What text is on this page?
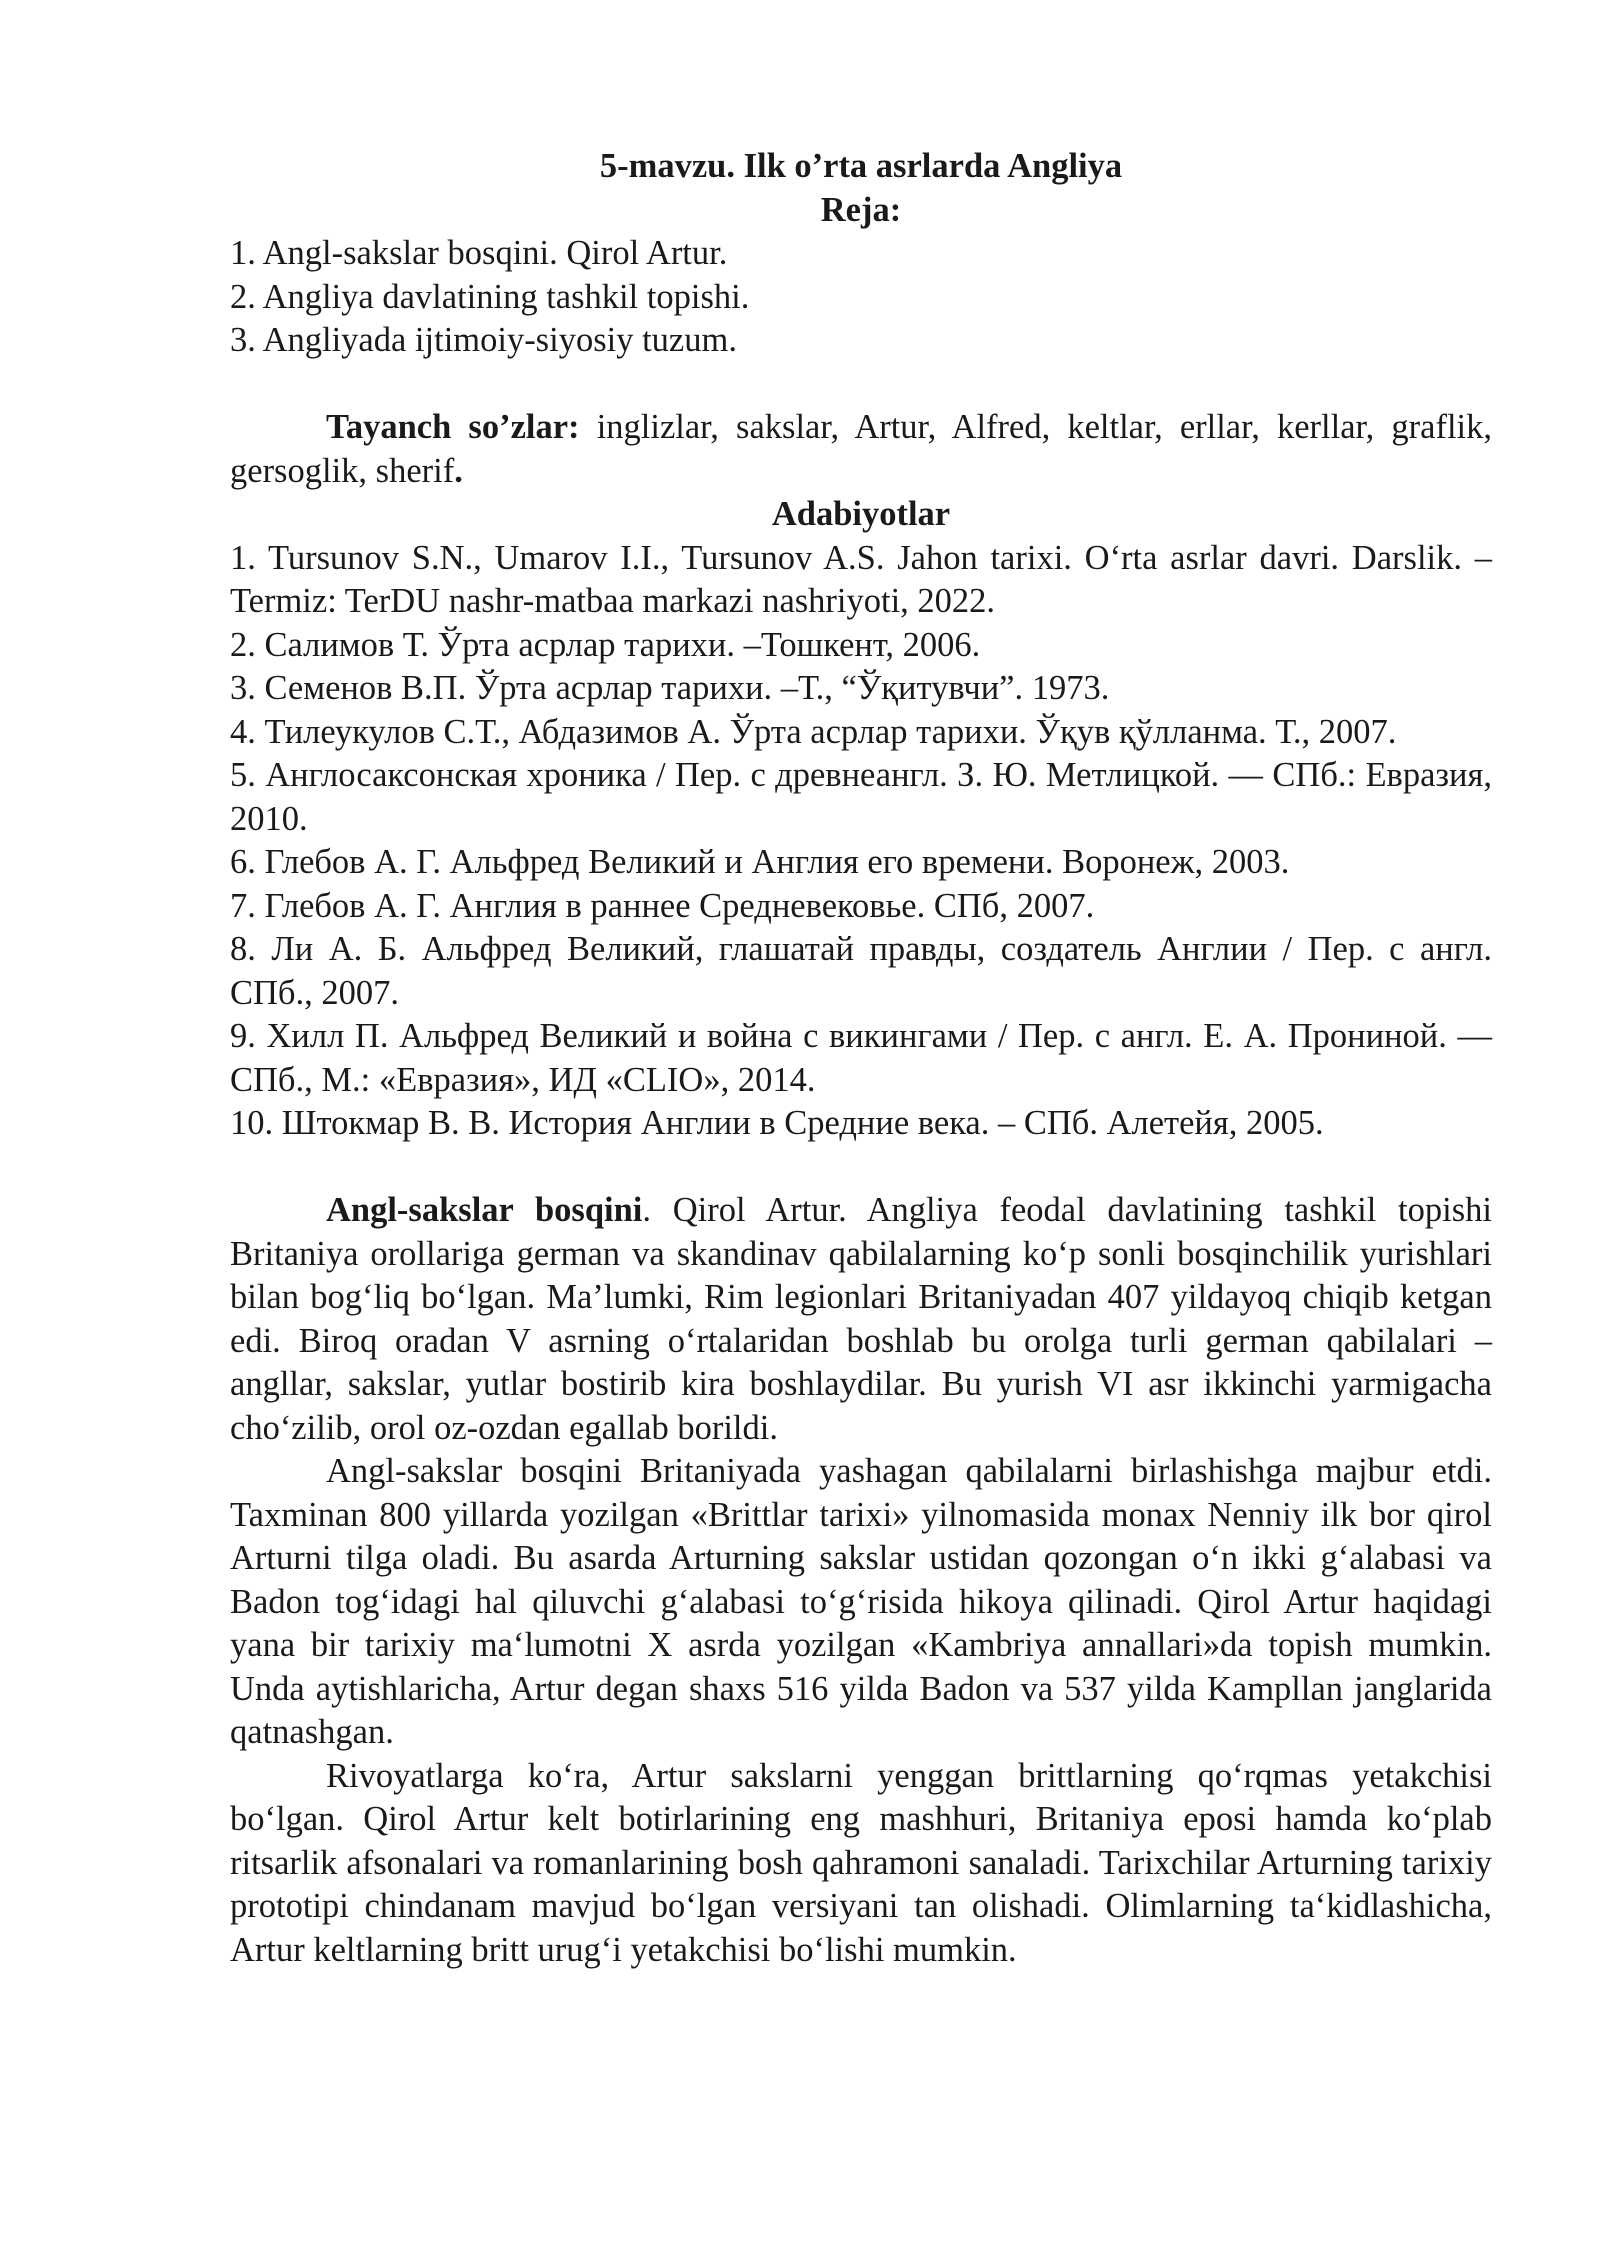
5-mavzu. Ilk o’rta asrlarda Angliya

Reja:

1. Angl-sakslar bosqini. Qirol Artur.

2. Angliya davlatining tashkil topishi.

3. Angliyada ijtimoiy-siyosiy tuzum.

Tayanch so’zlar: inglizlar, sakslar, Artur, Alfred, keltlar, erllar, kerllar, graflik, gersoglik, sherif.

Adabiyotlar

1. Tursunov S.N., Umarov I.I., Tursunov A.S. Jahon tarixi. O‘rta asrlar davri. Darslik. –Termiz: TerDU nashr-matbaa markazi nashriyoti, 2022.

2. Салимов Т. Ўрта асрлар тарихи. –Тошкент, 2006.

3. Семенов В.П. Ўрта асрлар тарихи. –Т., “Ўқитувчи”. 1973.

4. Тилеукулов С.Т., Абдазимов А. Ўрта асрлар тарихи. Ўқув қўлланма. Т., 2007.

5. Англосаксонская хроника / Пер. с древнеангл. З. Ю. Метлицкой. — СПб.: Евразия, 2010.

6. Глебов А. Г. Альфред Великий и Англия его времени. Воронеж, 2003.

7. Глебов А. Г. Англия в раннее Средневековье. СПб, 2007.

8. Ли А. Б. Альфред Великий, глашатай правды, создатель Англии / Пер. с англ. СПб., 2007.

9. Хилл П. Альфред Великий и война с викингами / Пер. с англ. Е. А. Прониной. — СПб., М.: «Евразия», ИД «CLIO», 2014.

10. Штокмар В. В. История Англии в Средние века. – СПб. Алетейя, 2005.

Angl-sakslar bosqini. Qirol Artur. Angliya feodal davlatining tashkil topishi Britaniya orollariga german va skandinav qabilalarning ko‘p sonli bosqinchilik yurishlari bilan bog‘liq bo‘lgan. Ma’lumki, Rim legionlari Britaniyadan 407 yildayoq chiqib ketgan edi. Biroq oradan V asrning o‘rtalaridan boshlab bu orolga turli german qabilalari – angllar, sakslar, yutlar bostirib kira boshlaydilar. Bu yurish VI asr ikkinchi yarmigacha cho‘zilib, orol oz-ozdan egallab borildi.

Angl-sakslar bosqini Britaniyada yashagan qabilalarni birlashishga majbur etdi. Taxminan 800 yillarda yozilgan «Brittlar tarixi» yilnomasida monax Nenniy ilk bor qirol Arturni tilga oladi. Bu asarda Arturning sakslar ustidan qozongan o‘n ikki g‘alabasi va Badon tog‘idagi hal qiluvchi g‘alabasi to‘g‘risida hikoya qilinadi. Qirol Artur haqidagi yana bir tarixiy ma‘lumotni X asrda yozilgan «Kambriya annallari»da topish mumkin. Unda aytishlaricha, Artur degan shaxs 516 yilda Badon va 537 yilda Kampllan janglarida qatnashgan.

Rivoyatlarga ko‘ra, Artur sakslarni yenggan brittlarning qo‘rqmas yetakchisi bo‘lgan. Qirol Artur kelt botirlarining eng mashhuri, Britaniya eposi hamda ko‘plab ritsarlik afsonalari va romanlarining bosh qahramoni sanaladi. Tarixchilar Arturning tarixiy prototipi chindanam mavjud bo‘lgan versiyani tan olishadi. Olimlarning ta‘kidlashicha, Artur keltlarning britt urug‘i yetakchisi bo‘lishi mumkin.
